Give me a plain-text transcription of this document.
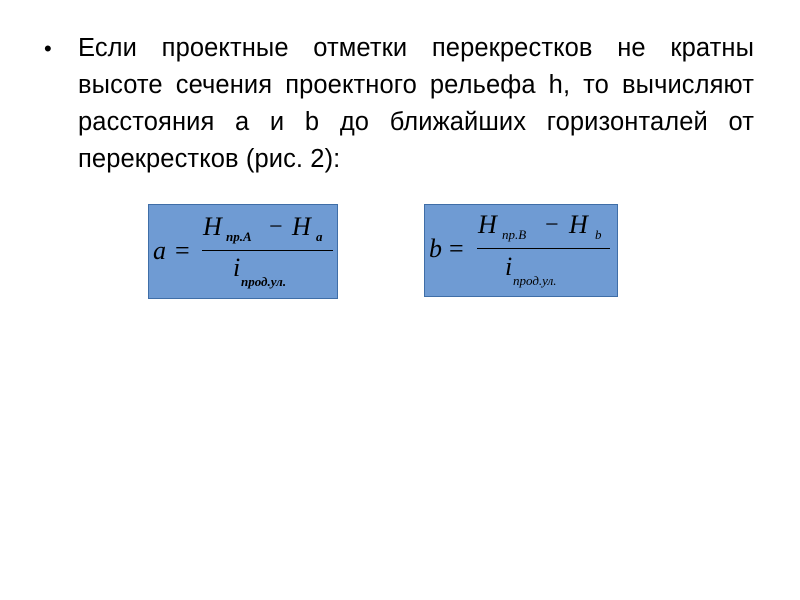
• Если проектные отметки перекрестков не кратны высоте сечения проектного рельефа h, то вычисляют расстояния a и b до ближайших горизонталей от перекрестков (рис. 2):
a =
H пр.A − H a
i прод.ул.
b =
H пр.B − H b
i прод.ул.
